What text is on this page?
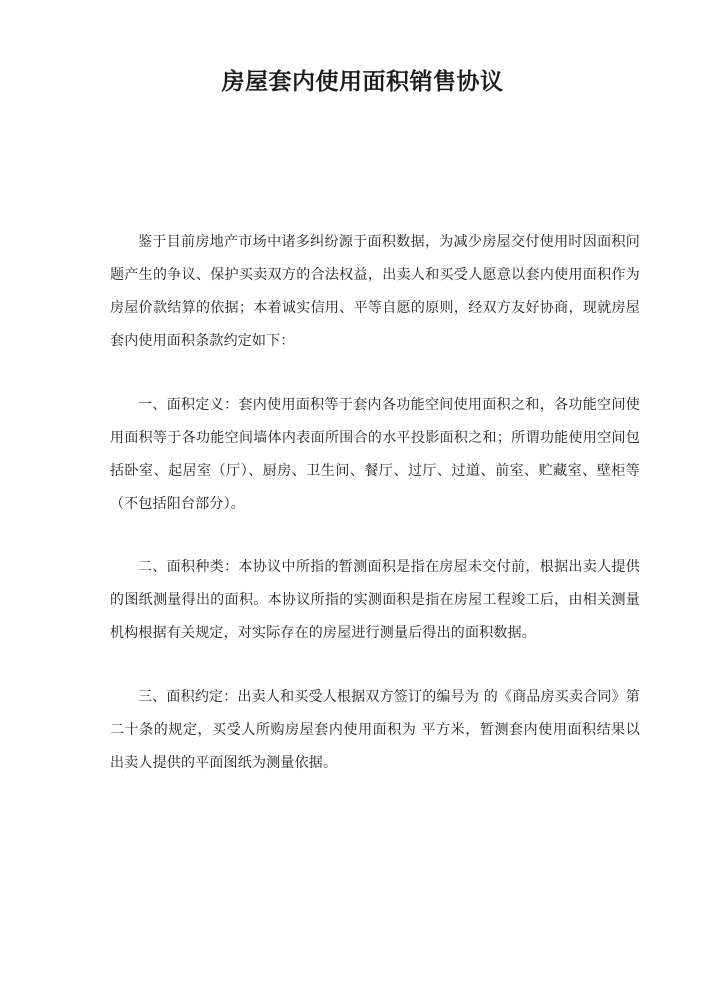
房屋套内使用面积销售协议

鉴于目前房地产市场中诸多纠纷源于面积数据，为减少房屋交付使用时因面积问题产生的争议、保护买卖双方的合法权益，出卖人和买受人愿意以套内使用面积作为房屋价款结算的依据；本着诚实信用、平等自愿的原则，经双方友好协商，现就房屋套内使用面积条款约定如下：

一、面积定义：套内使用面积等于套内各功能空间使用面积之和，各功能空间使用面积等于各功能空间墙体内表面所围合的水平投影面积之和；所谓功能使用空间包括卧室、起居室（厅）、厨房、卫生间、餐厅、过厅、过道、前室、贮藏室、壁柜等（不包括阳台部分）。

二、面积种类：本协议中所指的暂测面积是指在房屋未交付前，根据出卖人提供的图纸测量得出的面积。本协议所指的实测面积是指在房屋工程竣工后，由相关测量机构根据有关规定，对实际存在的房屋进行测量后得出的面积数据。

三、面积约定：出卖人和买受人根据双方签订的编号为 的《商品房买卖合同》第二十条的规定，买受人所购房屋套内使用面积为 平方米，暂测套内使用面积结果以出卖人提供的平面图纸为测量依据。
